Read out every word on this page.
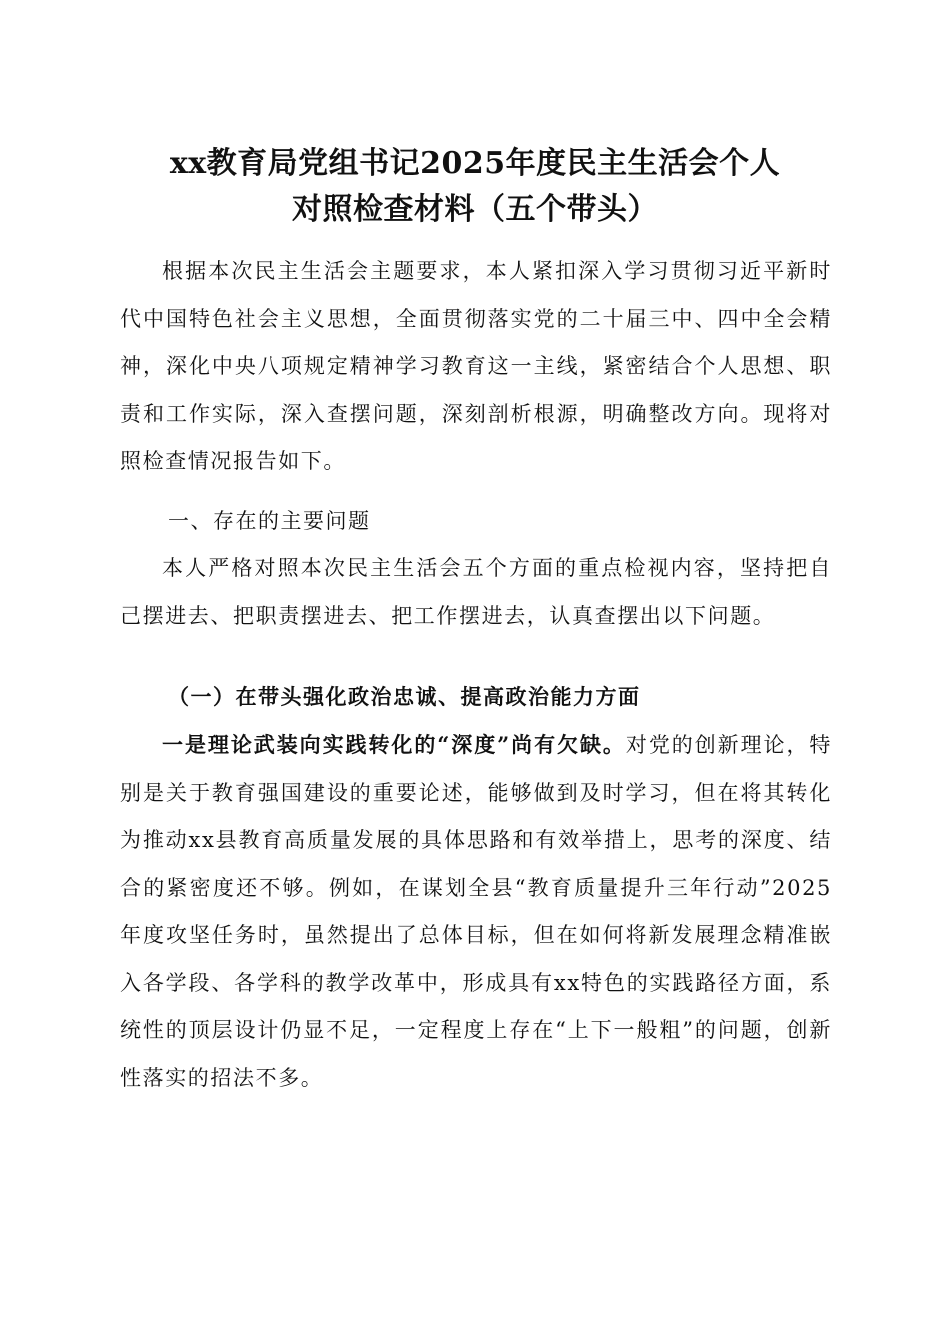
xx教育局党组书记2025年度民主生活会个人
对照检查材料（五个带头）

根据本次民主生活会主题要求，本人紧扣深入学习贯彻习近平新时代中国特色社会主义思想，全面贯彻落实党的二十届三中、四中全会精神，深化中央八项规定精神学习教育这一主线，紧密结合个人思想、职责和工作实际，深入查摆问题，深刻剖析根源，明确整改方向。现将对照检查情况报告如下。

一、存在的主要问题

本人严格对照本次民主生活会五个方面的重点检视内容，坚持把自己摆进去、把职责摆进去、把工作摆进去，认真查摆出以下问题。

（一）在带头强化政治忠诚、提高政治能力方面

一是理论武装向实践转化的“深度”尚有欠缺。对党的创新理论，特别是关于教育强国建设的重要论述，能够做到及时学习，但在将其转化为推动xx县教育高质量发展的具体思路和有效举措上，思考的深度、结合的紧密度还不够。例如，在谋划全县“教育质量提升三年行动”2025年度攻坚任务时，虽然提出了总体目标，但在如何将新发展理念精准嵌入各学段、各学科的教学改革中，形成具有xx特色的实践路径方面，系统性的顶层设计仍显不足，一定程度上存在“上下一般粗”的问题，创新性落实的招法不多。
